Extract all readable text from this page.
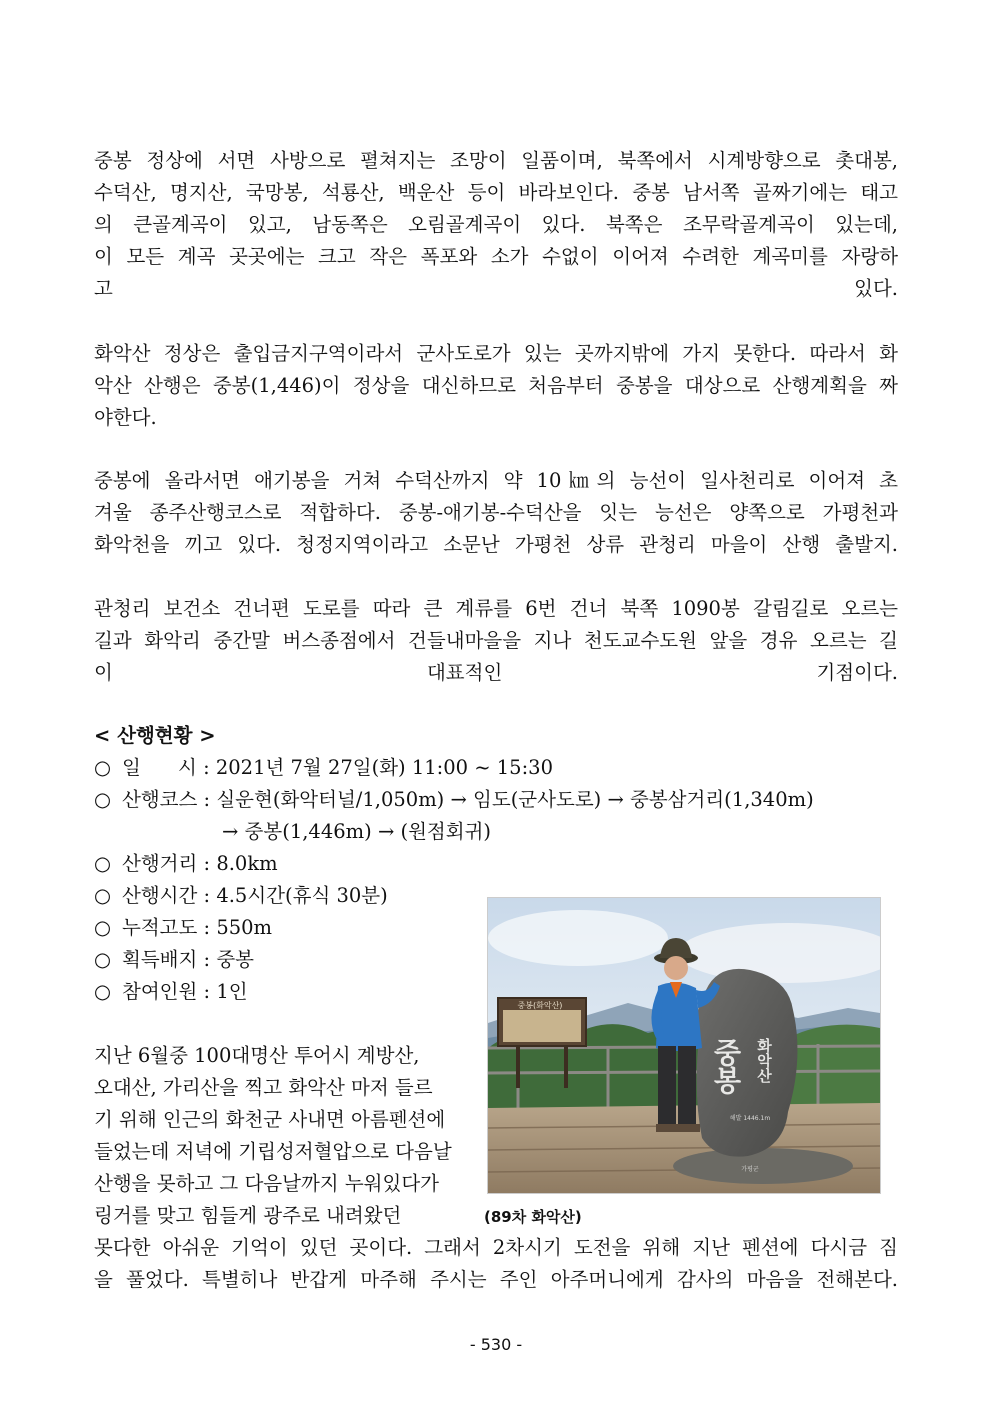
중봉 정상에 서면 사방으로 펼쳐지는 조망이 일품이며, 북쪽에서 시계방향으로 촛대봉,
수덕산, 명지산, 국망봉, 석룡산, 백운산 등이 바라보인다. 중봉 남서쪽 골짜기에는 태고
의 큰골계곡이 있고, 남동쪽은 오림골계곡이 있다. 북쪽은 조무락골계곡이 있는데,
이 모든 계곡 곳곳에는 크고 작은 폭포와 소가 수없이 이어져 수려한 계곡미를 자랑하
고 있다.
화악산 정상은 출입금지구역이라서 군사도로가 있는 곳까지밖에 가지 못한다. 따라서 화
악산 산행은 중봉(1,446)이 정상을 대신하므로 처음부터 중봉을 대상으로 산행계획을 짜
야한다.
중봉에 올라서면 애기봉을 거쳐 수덕산까지 약 10㎞의 능선이 일사천리로 이어져 초
겨울 종주산행코스로 적합하다. 중봉-애기봉-수덕산을 잇는 능선은 양쪽으로 가평천과
화악천을 끼고 있다. 청정지역이라고 소문난 가평천 상류 관청리 마을이 산행 출발지.
관청리 보건소 건너편 도로를 따라 큰 계류를 6번 건너 북쪽 1090봉 갈림길로 오르는
길과 화악리 중간말 버스종점에서 건들내마을을 지나 천도교수도원 앞을 경유 오르는 길
이 대표적인 기점이다.
< 산행현황 >
○ 일      시 : 2021년 7월 27일(화) 11:00 ~ 15:30
○ 산행코스 : 실운현(화악터널/1,050m) → 임도(군사도로) → 중봉삼거리(1,340m)
→ 중봉(1,446m) → (원점회귀)
○ 산행거리 : 8.0km
○ 산행시간 : 4.5시간(휴식 30분)
○ 누적고도 : 550m
○ 획득배지 : 중봉
○ 참여인원 : 1인
지난 6월중 100대명산 투어시 계방산,
오대산, 가리산을 찍고 화악산 마저 들르
기 위해 인근의 화천군 사내면 아름펜션에
들었는데 저녁에 기립성저혈압으로 다음날
산행을 못하고 그 다음날까지 누워있다가
링거를 맞고 힘들게 광주로 내려왔던
중봉(화악산)
중봉 화악산
해발 1446.1m
가평군
(89차 화악산)
못다한 아쉬운 기억이 있던 곳이다. 그래서 2차시기 도전을 위해 지난 펜션에 다시금 짐
을 풀었다. 특별히나 반갑게 마주해 주시는 주인 아주머니에게 감사의 마음을 전해본다.
- 530 -
